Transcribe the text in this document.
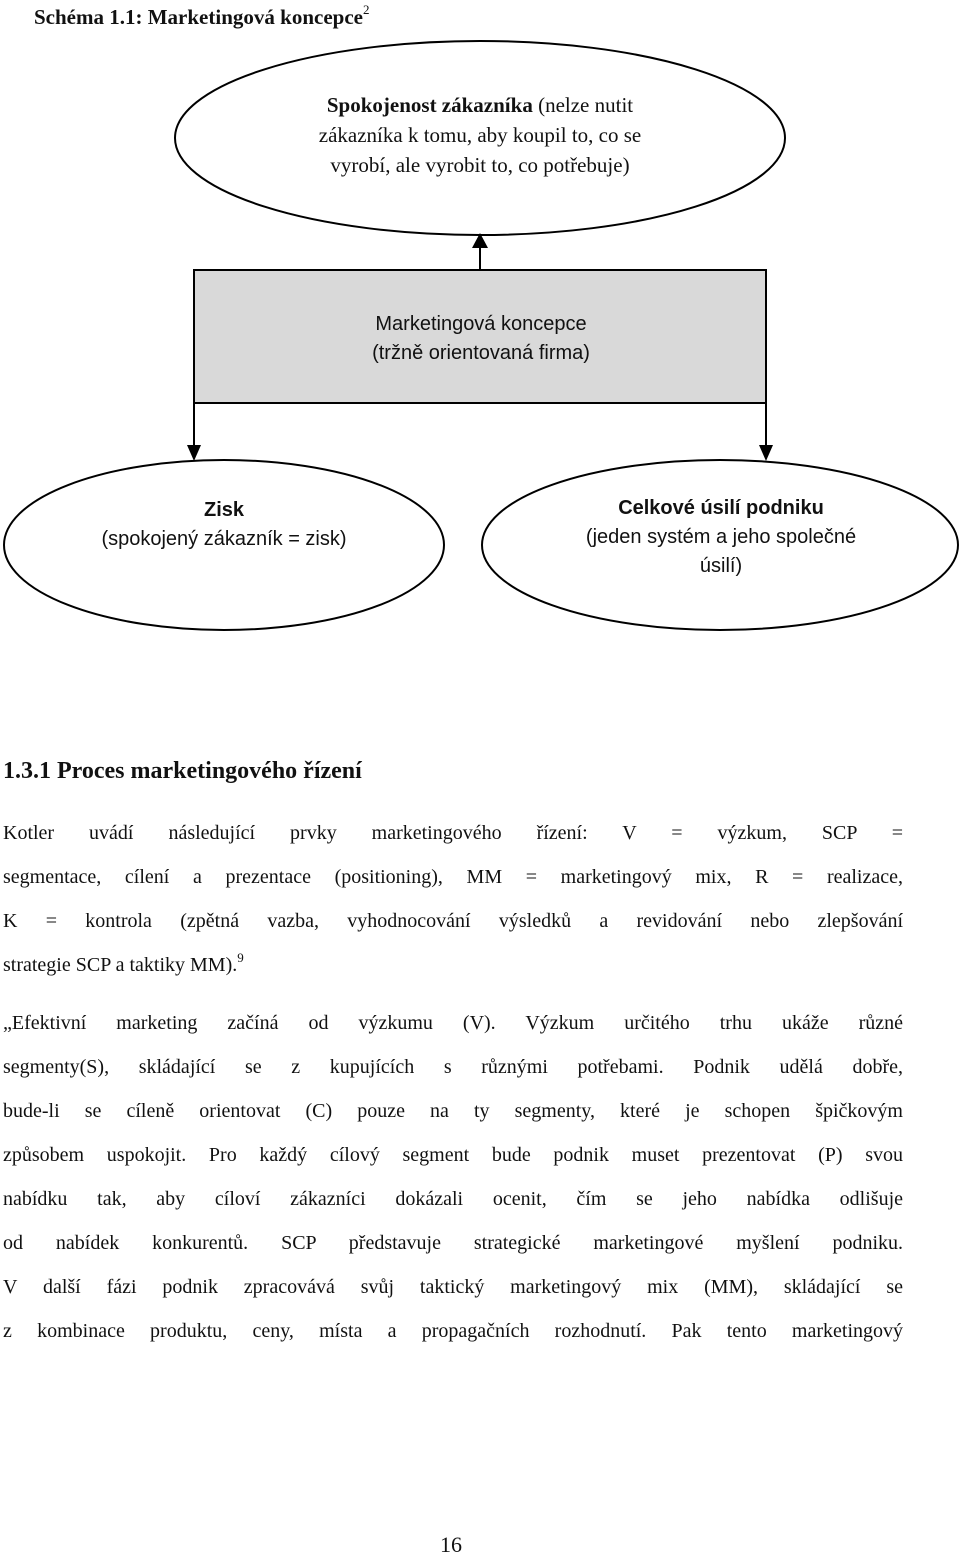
Schéma 1.1: Marketingová koncepce$^2$
Spokojenost zákazníka (nelze nutit
zákazníka k tomu, aby koupil to, co se
vyrobí, ale vyrobit to, co potřebuje)
Marketingová koncepce
(tržně orientovaná firma)
Zisk
(spokojený zákazník = zisk)
Celkové úsilí podniku
(jeden systém a jeho společné
úsilí)
1.3.1 Proces marketingového řízení
Kotler uvádí následující prvky marketingového řízení: V = výzkum, SCP =
segmentace, cílení a prezentace (positioning), MM = marketingový mix, R = realizace,
K = kontrola (zpětná vazba, vyhodnocování výsledků a revidování nebo zlepšování
strategie SCP a taktiky MM).$^9$
„Efektivní marketing začíná od výzkumu (V). Výzkum určitého trhu ukáže různé
segmenty(S), skládající se z kupujících s různými potřebami. Podnik udělá dobře,
bude-li se cíleně orientovat (C) pouze na ty segmenty, které je schopen špičkovým
způsobem uspokojit. Pro každý cílový segment bude podnik muset prezentovat (P) svou
nabídku tak, aby cíloví zákazníci dokázali ocenit, čím se jeho nabídka odlišuje
od nabídek konkurentů. SCP představuje strategické marketingové myšlení podniku.
V další fázi podnik zpracovává svůj taktický marketingový mix (MM), skládající se
z kombinace produktu, ceny, místa a propagačních rozhodnutí. Pak tento marketingový
16
